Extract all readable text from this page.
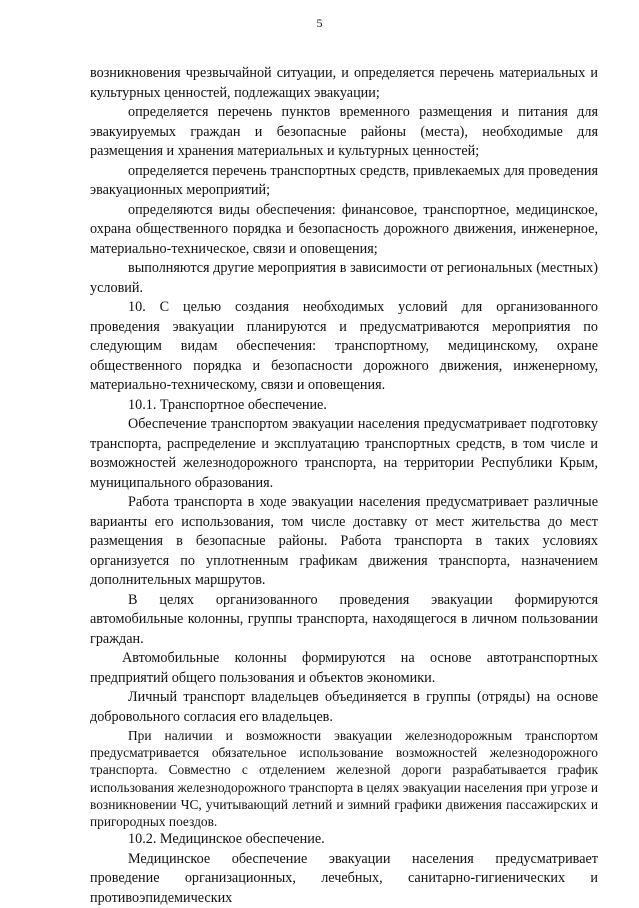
5

возникновения чрезвычайной ситуации, и определяется перечень материальных и культурных ценностей, подлежащих эвакуации;

определяется перечень пунктов временного размещения и питания для эвакуируемых граждан и безопасные районы (места), необходимые для размещения и хранения материальных и культурных ценностей;

определяется перечень транспортных средств, привлекаемых для проведения эвакуационных мероприятий;

определяются виды обеспечения: финансовое, транспортное, медицинское, охрана общественного порядка и безопасность дорожного движения, инженерное, материально-техническое, связи и оповещения;

выполняются другие мероприятия в зависимости от региональных (местных) условий.

10. С целью создания необходимых условий для организованного проведения эвакуации планируются и предусматриваются мероприятия по следующим видам обеспечения: транспортному, медицинскому, охране общественного порядка и безопасности дорожного движения, инженерному, материально-техническому, связи и оповещения.

10.1. Транспортное обеспечение.

Обеспечение транспортом эвакуации населения предусматривает подготовку транспорта, распределение и эксплуатацию транспортных средств, в том числе и возможностей железнодорожного транспорта, на территории Республики Крым, муниципального образования.

Работа транспорта в ходе эвакуации населения предусматривает различные варианты его использования, том числе доставку от мест жительства до мест размещения в безопасные районы. Работа транспорта в таких условиях организуется по уплотненным графикам движения транспорта, назначением дополнительных маршрутов.

В целях организованного проведения эвакуации формируются автомобильные колонны, группы транспорта, находящегося в личном пользовании граждан.

Автомобильные колонны формируются на основе автотранспортных предприятий общего пользования и объектов экономики.

Личный транспорт владельцев объединяется в группы (отряды) на основе добровольного согласия его владельцев.

При наличии и возможности эвакуации железнодорожным транспортом предусматривается обязательное использование возможностей железнодорожного транспорта. Совместно с отделением железной дороги разрабатывается график использования железнодорожного транспорта в целях эвакуации населения при угрозе и возникновении ЧС, учитывающий летний и зимний графики движения пассажирских и пригородных поездов.

10.2. Медицинское обеспечение.

Медицинское обеспечение эвакуации населения предусматривает проведение организационных, лечебных, санитарно-гигиенических и противоэпидемических
